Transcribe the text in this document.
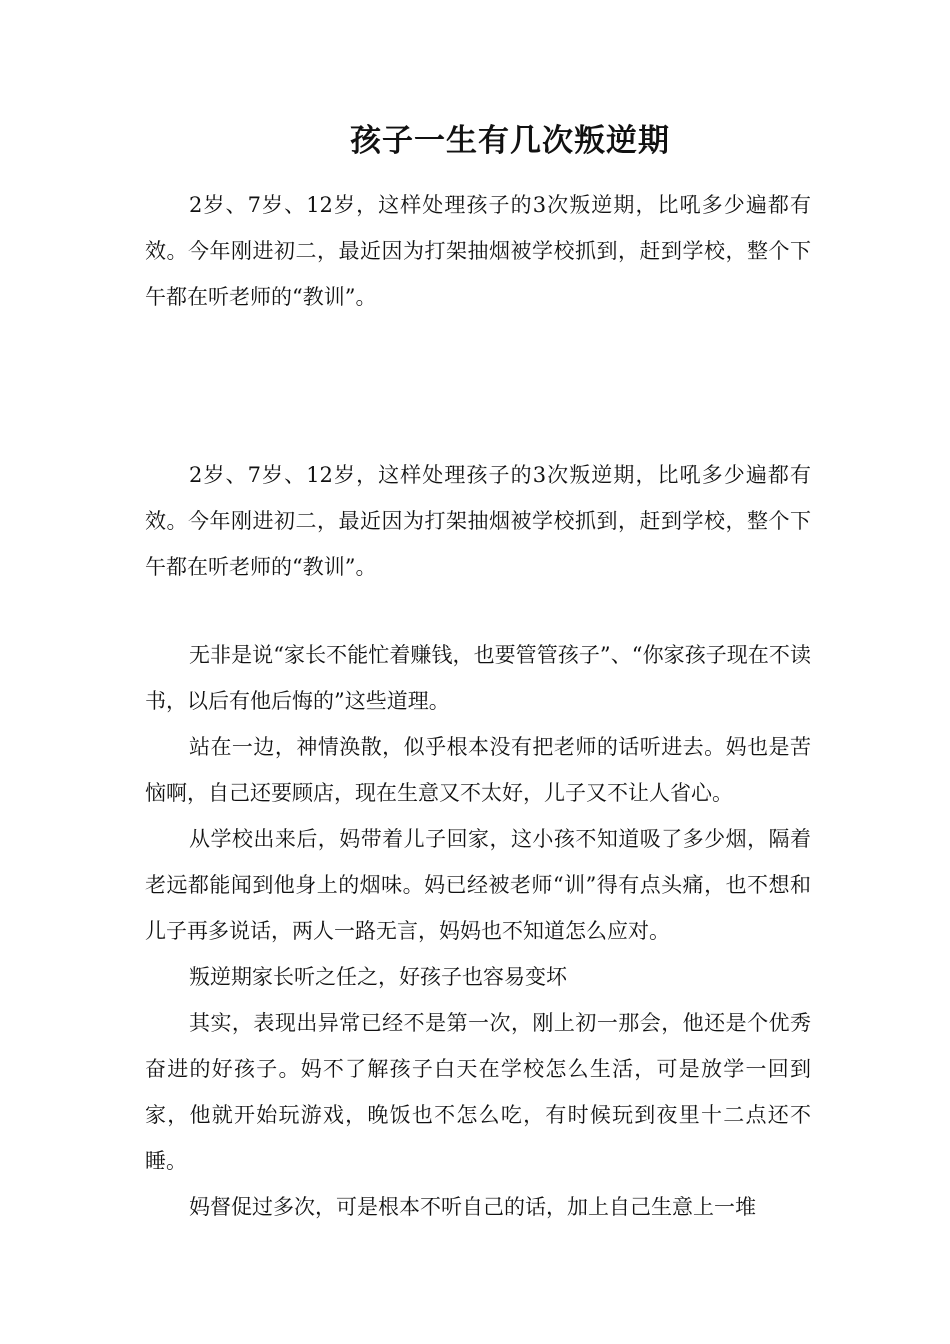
孩子一生有几次叛逆期

2岁、7岁、12岁，这样处理孩子的3次叛逆期，比吼多少遍都有效。今年刚进初二，最近因为打架抽烟被学校抓到，赶到学校，整个下午都在听老师的“教训”。

2岁、7岁、12岁，这样处理孩子的3次叛逆期，比吼多少遍都有效。今年刚进初二，最近因为打架抽烟被学校抓到，赶到学校，整个下午都在听老师的“教训”。

无非是说“家长不能忙着赚钱，也要管管孩子”、“你家孩子现在不读书，以后有他后悔的”这些道理。

站在一边，神情涣散，似乎根本没有把老师的话听进去。妈也是苦恼啊，自己还要顾店，现在生意又不太好，儿子又不让人省心。

从学校出来后，妈带着儿子回家，这小孩不知道吸了多少烟，隔着老远都能闻到他身上的烟味。妈已经被老师“训”得有点头痛，也不想和儿子再多说话，两人一路无言，妈妈也不知道怎么应对。

叛逆期家长听之任之，好孩子也容易变坏

其实，表现出异常已经不是第一次，刚上初一那会，他还是个优秀奋进的好孩子。妈不了解孩子白天在学校怎么生活，可是放学一回到家，他就开始玩游戏，晚饭也不怎么吃，有时候玩到夜里十二点还不睡。

妈督促过多次，可是根本不听自己的话，加上自己生意上一堆
